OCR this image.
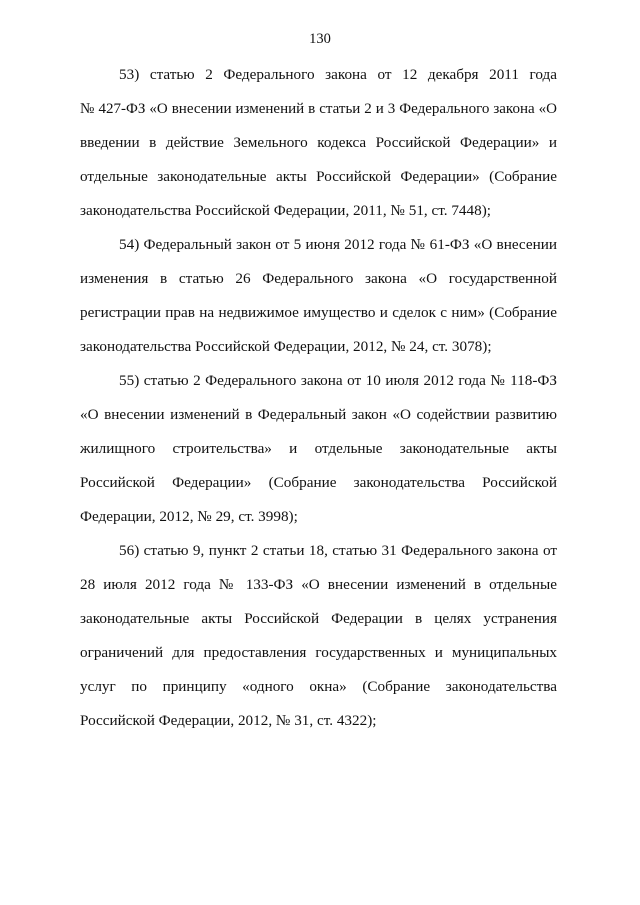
130

53) статью 2 Федерального закона от 12 декабря 2011 года
№ 427-ФЗ «О внесении изменений в статьи 2 и 3 Федерального закона «О
введении в действие Земельного кодекса Российской Федерации» и
отдельные законодательные акты Российской Федерации» (Собрание
законодательства Российской Федерации, 2011, № 51, ст. 7448);

54) Федеральный закон от 5 июня 2012 года № 61-ФЗ «О внесении
изменения в статью 26 Федерального закона «О государственной
регистрации прав на недвижимое имущество и сделок с ним» (Собрание
законодательства Российской Федерации, 2012, № 24, ст. 3078);

55) статью 2 Федерального закона от 10 июля 2012 года № 118-ФЗ
«О внесении изменений в Федеральный закон «О содействии развитию
жилищного строительства» и отдельные законодательные акты
Российской Федерации» (Собрание законодательства Российской
Федерации, 2012, № 29, ст. 3998);

56) статью 9, пункт 2 статьи 18, статью 31 Федерального закона от
28 июля 2012 года № 133-ФЗ «О внесении изменений в отдельные
законодательные акты Российской Федерации в целях устранения
ограничений для предоставления государственных и муниципальных
услуг по принципу «одного окна» (Собрание законодательства
Российской Федерации, 2012, № 31, ст. 4322);
